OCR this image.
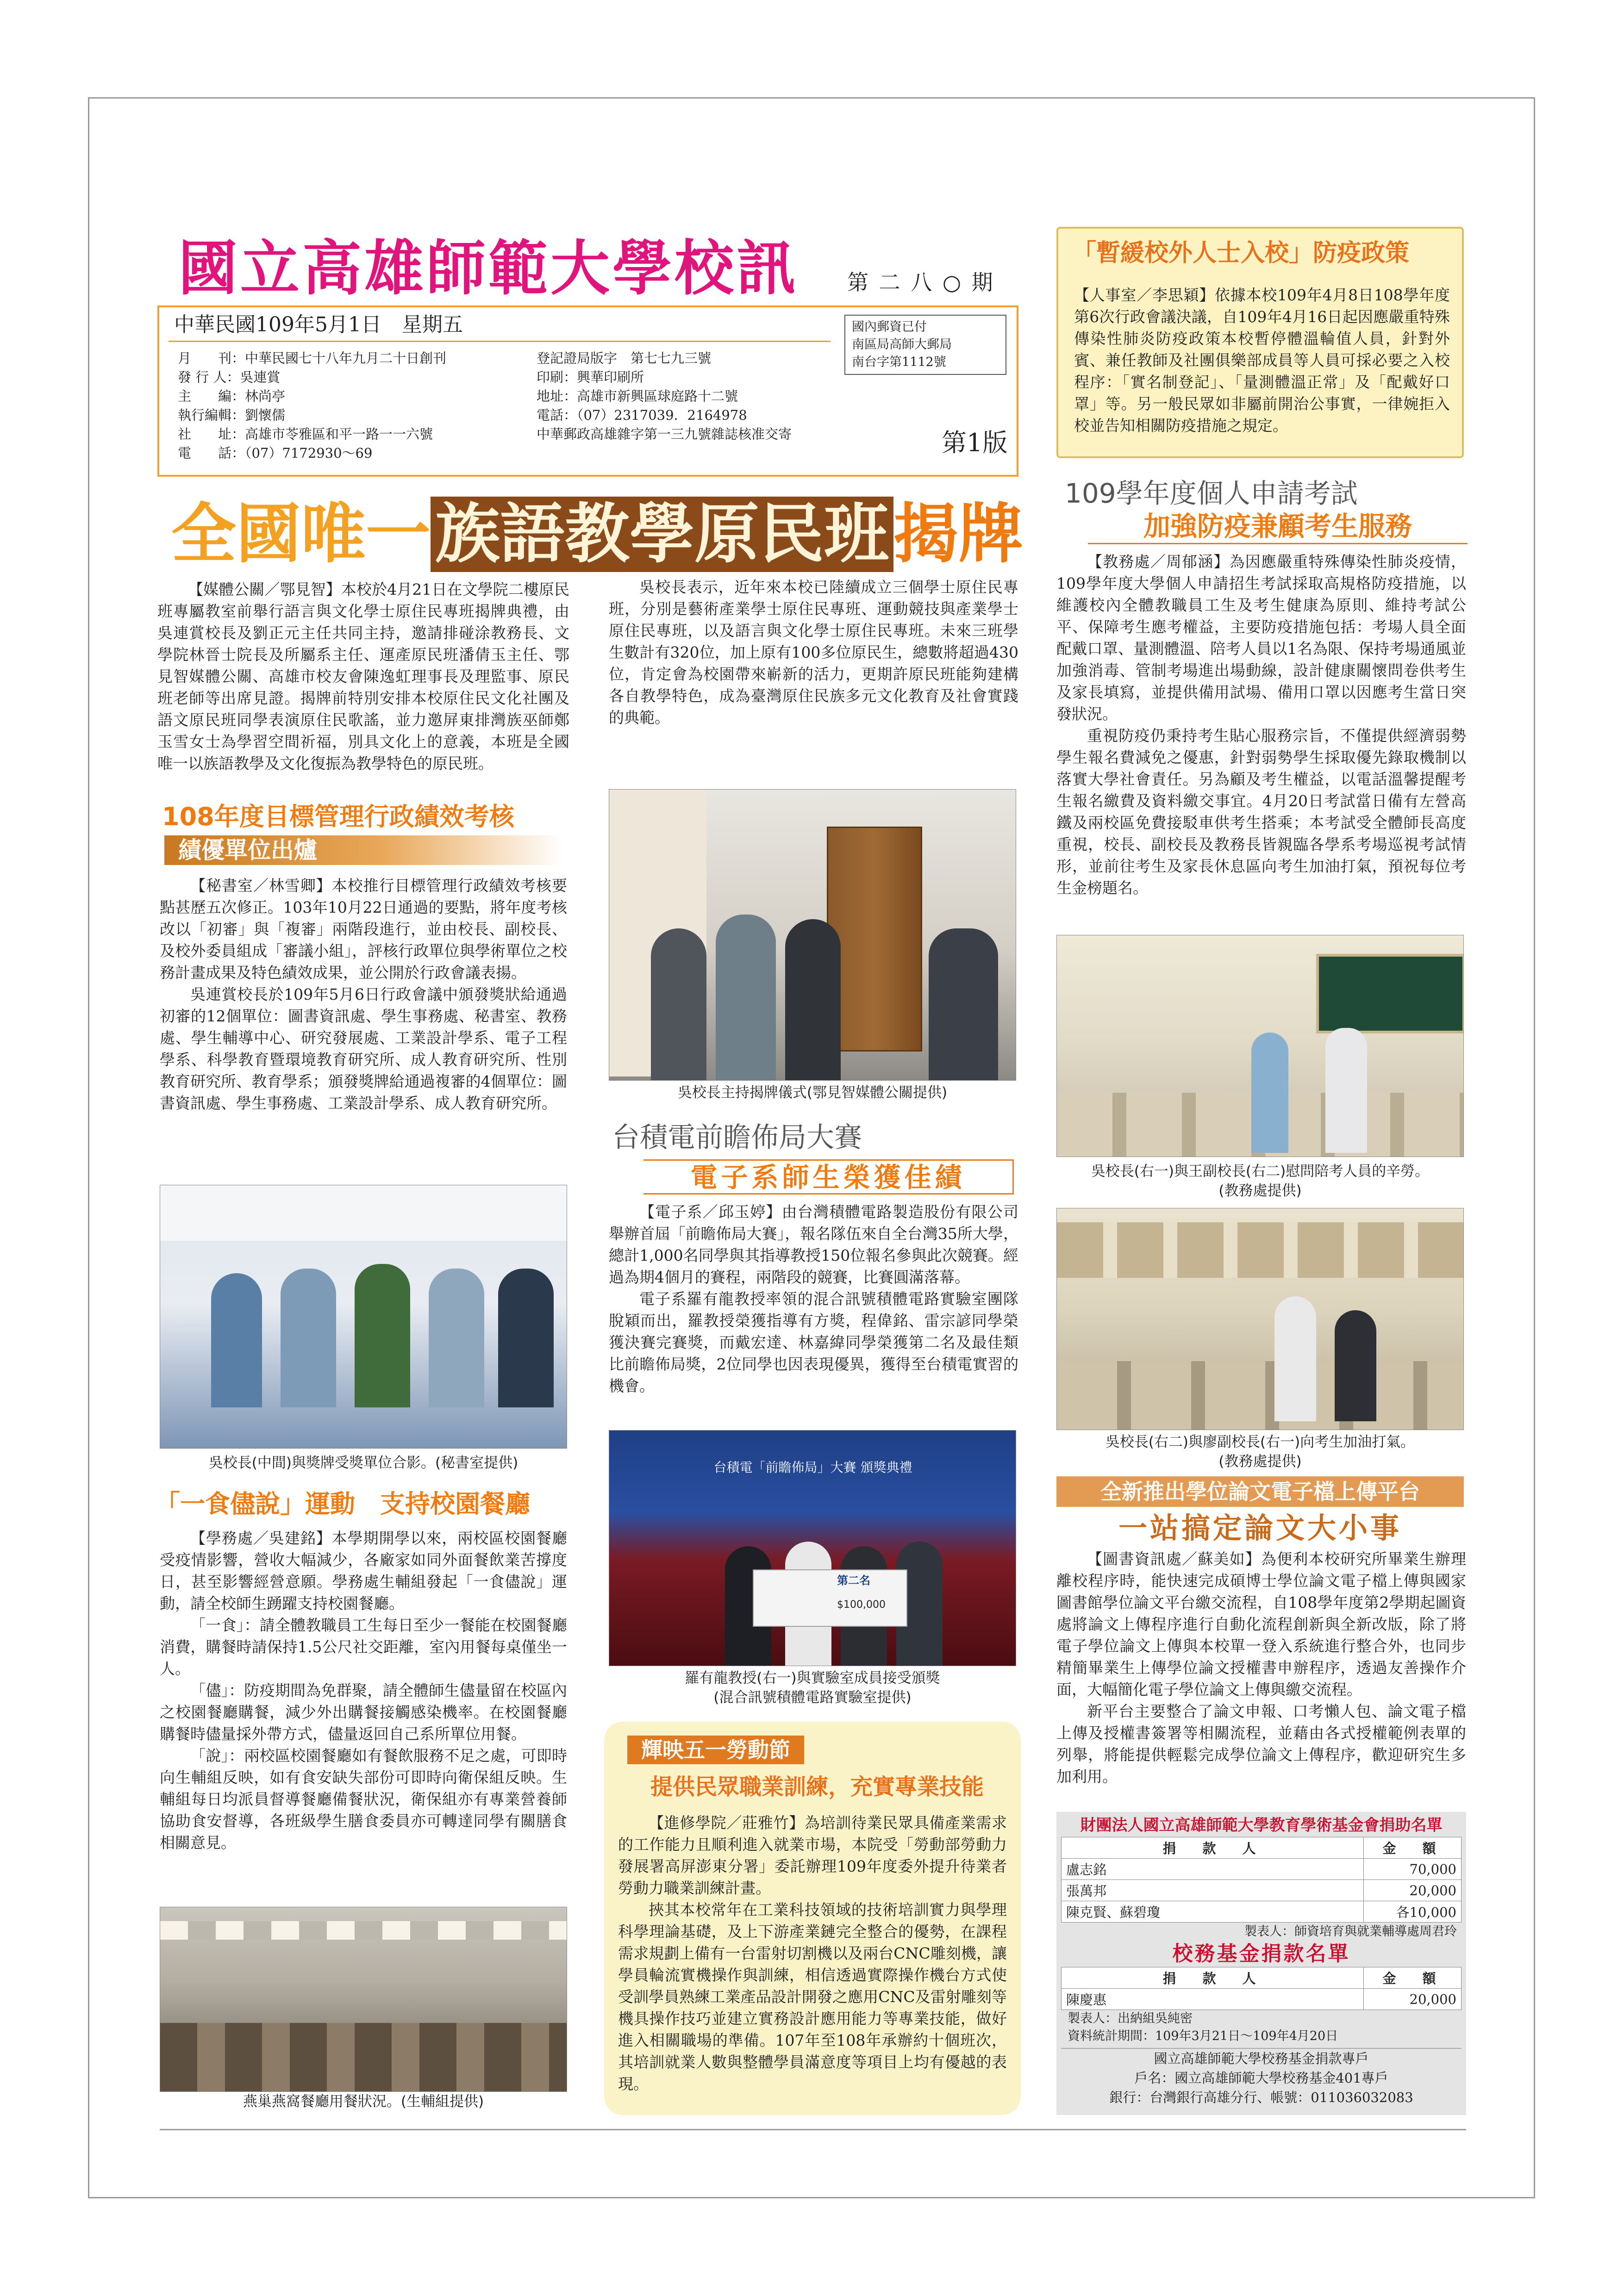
國立高雄師範大學校訊 第 二 八 ○ 期
中華民國109年5月1日　星期五
月　　刊：中華民國七十八年九月二十日創刊
發 行 人：吳連賞
主　　編：林尚亭
執行編輯：劉懷儒
社　　址：高雄市苓雅區和平一路一一六號
電　　話：（07）7172930～69
登記證局版字　第七七九三號
印刷：興華印刷所
地址：高雄市新興區球庭路十二號
電話：（07）2317039．2164978
中華郵政高雄雜字第一三九號雜誌核准交寄
國內郵資已付
南區局高師大郵局
南台字第1112號
第1版
「暫緩校外人士入校」防疫政策

【人事室／李思穎】依據本校109年4月8日108學年度第6次行政會議決議，自109年4月16日起因應嚴重特殊傳染性肺炎防疫政策本校暫停體溫輪值人員，針對外賓、兼任教師及社團俱樂部成員等人員可採必要之入校程序：「實名制登記」、「量測體溫正常」及「配戴好口罩」等。另一般民眾如非屬前開治公事實，一律婉拒入校並告知相關防疫措施之規定。

全國唯一族語教學原民班揭牌

【媒體公關／鄂見智】本校於4月21日在文學院二樓原民班專屬教室前舉行語言與文化學士原住民專班揭牌典禮，由吳連賞校長及劉正元主任共同主持，邀請排碰涂教務長、文學院林晉士院長及所屬系主任、運產原民班潘倩玉主任、鄂見智媒體公關、高雄市校友會陳逸虹理事長及理監事、原民班老師等出席見證。揭牌前特別安排本校原住民文化社團及語文原民班同學表演原住民歌謠，並力邀屏東排灣族巫師鄭玉雪女士為學習空間祈福，別具文化上的意義，本班是全國唯一以族語教學及文化復振為教學特色的原民班。

吳校長表示，近年來本校已陸續成立三個學士原住民專班，分別是藝術產業學士原住民專班、運動競技與產業學士原住民專班，以及語言與文化學士原住民專班。未來三班學生數計有320位，加上原有100多位原民生，總數將超過430位，肯定會為校園帶來嶄新的活力，更期許原民班能夠建構各自教學特色，成為臺灣原住民族多元文化教育及社會實踐的典範。

吳校長主持揭牌儀式(鄂見智媒體公關提供)
108年度目標管理行政績效考核
績優單位出爐

【秘書室／林雪卿】本校推行目標管理行政績效考核要點甚歷五次修正。103年10月22日通過的要點，將年度考核改以「初審」與「複審」兩階段進行，並由校長、副校長、及校外委員組成「審議小組」，評核行政單位與學術單位之校務計畫成果及特色績效成果，並公開於行政會議表揚。

吳連賞校長於109年5月6日行政會議中頒發獎狀給通過初審的12個單位：圖書資訊處、學生事務處、秘書室、教務處、學生輔導中心、研究發展處、工業設計學系、電子工程學系、科學教育暨環境教育研究所、成人教育研究所、性別教育研究所、教育學系；頒發獎牌給通過複審的4個單位：圖書資訊處、學生事務處、工業設計學系、成人教育研究所。

吳校長(中間)與獎牌受獎單位合影。(秘書室提供)
「一食儘說」運動　支持校園餐廳

【學務處／吳建銘】本學期開學以來，兩校區校園餐廳受疫情影響，營收大幅減少，各廠家如同外面餐飲業苦撐度日，甚至影響經營意願。學務處生輔組發起「一食儘說」運動，請全校師生踴躍支持校園餐廳。

「一食」：請全體教職員工生每日至少一餐能在校園餐廳消費，購餐時請保持1.5公尺社交距離，室內用餐每桌僅坐一人。

「儘」：防疫期間為免群聚，請全體師生儘量留在校區內之校園餐廳購餐，減少外出購餐接觸感染機率。在校園餐廳購餐時儘量採外帶方式，儘量返回自己系所單位用餐。

「說」：兩校區校園餐廳如有餐飲服務不足之處，可即時向生輔組反映，如有食安缺失部份可即時向衛保組反映。生輔組每日均派員督導餐廳備餐狀況，衛保組亦有專業營養師協助食安督導，各班級學生膳食委員亦可轉達同學有關膳食相關意見。

燕巢燕窩餐廳用餐狀況。(生輔組提供)
台積電前瞻佈局大賽
電子系師生榮獲佳績

【電子系／邱玉婷】由台灣積體電路製造股份有限公司舉辦首屆「前瞻佈局大賽」，報名隊伍來自全台灣35所大學，總計1,000名同學與其指導教授150位報名參與此次競賽。經過為期4個月的賽程，兩階段的競賽，比賽圓滿落幕。

電子系羅有龍教授率領的混合訊號積體電路實驗室團隊脫穎而出，羅教授榮獲指導有方獎，程偉銘、雷宗諺同學榮獲決賽完賽獎，而戴宏達、林嘉緯同學榮獲第二名及最佳類比前瞻佈局獎，2位同學也因表現優異，獲得至台積電實習的機會。

台積電「前瞻佈局」大賽 頒獎典禮
第二名
$100,000
羅有龍教授(右一)與實驗室成員接受頒獎
(混合訊號積體電路實驗室提供)
輝映五一勞動節
提供民眾職業訓練，充實專業技能

【進修學院／莊雅竹】為培訓待業民眾具備產業需求的工作能力且順利進入就業市場，本院受「勞動部勞動力發展署高屏澎東分署」委託辦理109年度委外提升待業者勞動力職業訓練計畫。

挾其本校常年在工業科技領域的技術培訓實力與學理科學理論基礎，及上下游產業鏈完全整合的優勢，在課程需求規劃上備有一台雷射切割機以及兩台CNC雕刻機，讓學員輪流實機操作與訓練，相信透過實際操作機台方式使受訓學員熟練工業產品設計開發之應用CNC及雷射雕刻等機具操作技巧並建立實務設計應用能力等專業技能，做好進入相關職場的準備。107年至108年承辦約十個班次，其培訓就業人數與整體學員滿意度等項目上均有優越的表現。

109學年度個人申請考試
加強防疫兼顧考生服務

【教務處／周郁涵】為因應嚴重特殊傳染性肺炎疫情，109學年度大學個人申請招生考試採取高規格防疫措施，以維護校內全體教職員工生及考生健康為原則、維持考試公平、保障考生應考權益，主要防疫措施包括：考場人員全面配戴口罩、量測體溫、陪考人員以1名為限、保持考場通風並加強消毒、管制考場進出場動線，設計健康關懷問卷供考生及家長填寫，並提供備用試場、備用口罩以因應考生當日突發狀況。

重視防疫仍秉持考生貼心服務宗旨，不僅提供經濟弱勢學生報名費減免之優惠，針對弱勢學生採取優先錄取機制以落實大學社會責任。另為顧及考生權益，以電話溫馨提醒考生報名繳費及資料繳交事宜。4月20日考試當日備有左營高鐵及兩校區免費接駁車供考生搭乘；本考試受全體師長高度重視，校長、副校長及教務長皆親臨各學系考場巡視考試情形，並前往考生及家長休息區向考生加油打氣，預祝每位考生金榜題名。

吳校長(右一)與王副校長(右二)慰問陪考人員的辛勞。
(教務處提供)
吳校長(右二)與廖副校長(右一)向考生加油打氣。
(教務處提供)
全新推出學位論文電子檔上傳平台
一站搞定論文大小事

【圖書資訊處／蘇美如】為便利本校研究所畢業生辦理離校程序時，能快速完成碩博士學位論文電子檔上傳與國家圖書館學位論文平台繳交流程，自108學年度第2學期起圖資處將論文上傳程序進行自動化流程創新與全新改版，除了將電子學位論文上傳與本校單一登入系統進行整合外，也同步精簡畢業生上傳學位論文授權書申辦程序，透過友善操作介面，大幅簡化電子學位論文上傳與繳交流程。

新平台主要整合了論文申報、口考懶人包、論文電子檔上傳及授權書簽署等相關流程，並藉由各式授權範例表單的列舉，將能提供輕鬆完成學位論文上傳程序，歡迎研究生多加利用。

財團法人國立高雄師範大學教育學術基金會捐助名單
捐　款　人	金　額
盧志銘	70,000
張萬邦	20,000
陳克賢、蘇碧瓊	各10,000
製表人：師資培育與就業輔導處周君玲
校務基金捐款名單
捐　款　人	金　額
陳慶惠	20,000
製表人：出納組吳純密
資料統計期間：109年3月21日～109年4月20日
國立高雄師範大學校務基金捐款專戶
戶名：國立高雄師範大學校務基金401專戶
銀行：台灣銀行高雄分行、帳號：011036032083
